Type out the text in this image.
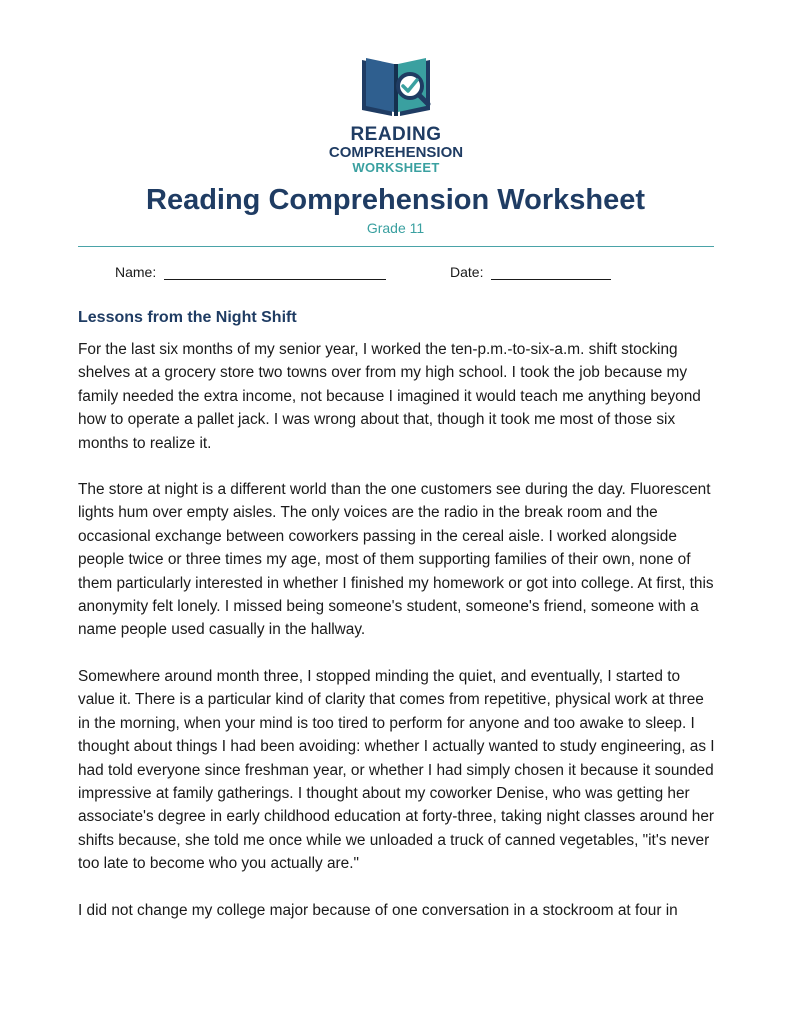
READING
COMPREHENSION
WORKSHEET
Reading Comprehension Worksheet
Grade 11
Name:	Date:
Lessons from the Night Shift

For the last six months of my senior year, I worked the ten-p.m.-to-six-a.m. shift stocking shelves at a grocery store two towns over from my high school. I took the job because my family needed the extra income, not because I imagined it would teach me anything beyond how to operate a pallet jack. I was wrong about that, though it took me most of those six months to realize it.

The store at night is a different world than the one customers see during the day. Fluorescent lights hum over empty aisles. The only voices are the radio in the break room and the occasional exchange between coworkers passing in the cereal aisle. I worked alongside people twice or three times my age, most of them supporting families of their own, none of them particularly interested in whether I finished my homework or got into college. At first, this anonymity felt lonely. I missed being someone's student, someone's friend, someone with a name people used casually in the hallway.

Somewhere around month three, I stopped minding the quiet, and eventually, I started to value it. There is a particular kind of clarity that comes from repetitive, physical work at three in the morning, when your mind is too tired to perform for anyone and too awake to sleep. I thought about things I had been avoiding: whether I actually wanted to study engineering, as I had told everyone since freshman year, or whether I had simply chosen it because it sounded impressive at family gatherings. I thought about my coworker Denise, who was getting her associate's degree in early childhood education at forty-three, taking night classes around her shifts because, she told me once while we unloaded a truck of canned vegetables, "it's never too late to become who you actually are."

I did not change my college major because of one conversation in a stockroom at four in
